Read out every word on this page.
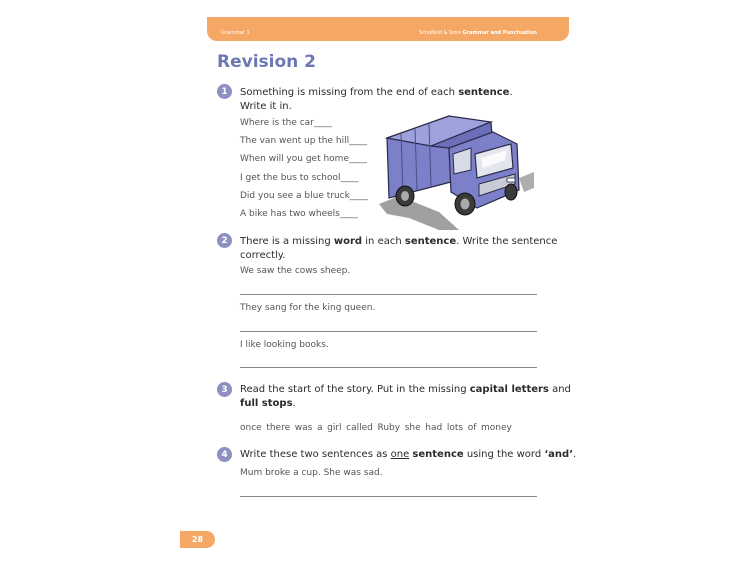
Grammar 1	Schofield & Sims Grammar and Punctuation
Revision 2
1	Something is missing from the end of each sentence.
Write it in.
Where is the car____
The van went up the hill____
When will you get home____
I get the bus to school____
Did you see a blue truck____
A bike has two wheels____
2	There is a missing word in each sentence. Write the sentence
correctly.
We saw the cows sheep.
They sang for the king queen.
I like looking books.
3	Read the start of the story. Put in the missing capital letters and
full stops.
once there was a girl called Ruby she had lots of money
4	Write these two sentences as one sentence using the word ‘and’.
Mum broke a cup. She was sad.
28
